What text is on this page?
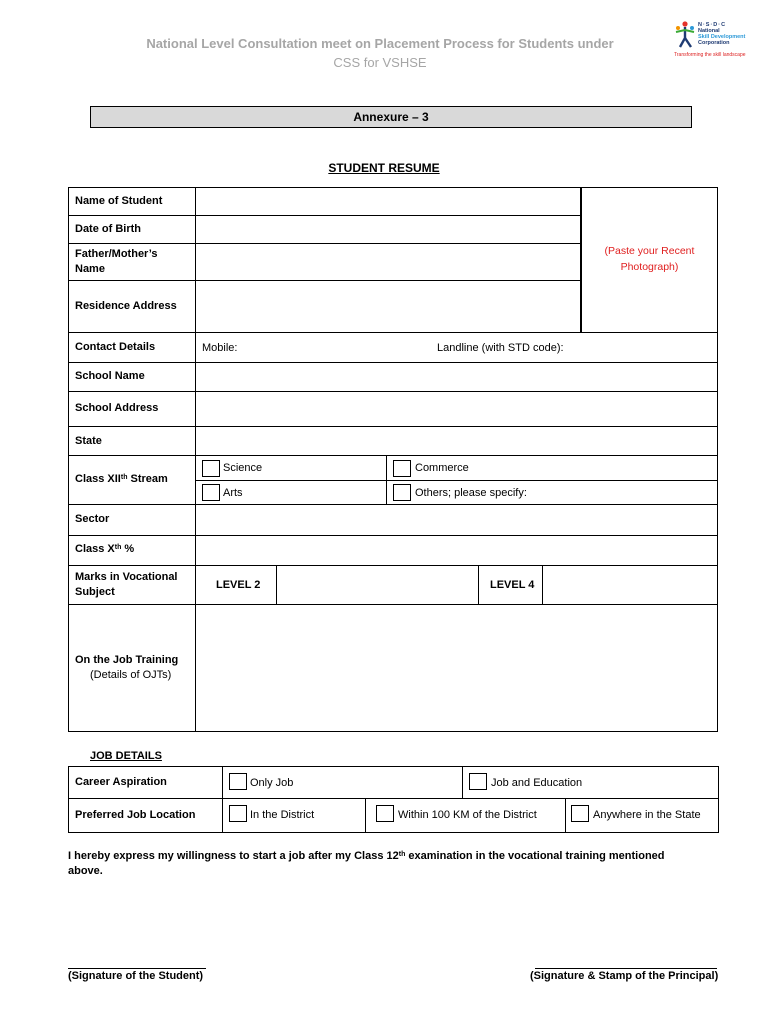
National Level Consultation meet on Placement Process for Students under
CSS for VSHSE
N·S·D·C
National
Skill Development
Corporation
Transforming the skill landscape
Annexure – 3
STUDENT RESUME
Name of Student
Date of Birth
Father/Mother’s Name
Residence Address
(Paste your Recent Photograph)
Contact Details	Mobile:	Landline (with STD code):
School Name
School Address
State
Class XIIth Stream
Science	Commerce
Arts	Others; please specify:
Sector
Class Xth %
Marks in Vocational Subject
LEVEL 2	LEVEL 4
On the Job Training
(Details of OJTs)
JOB DETAILS
Career Aspiration	Only Job	Job and Education
Preferred Job Location	In the District	Within 100 KM of the District	Anywhere in the State
I hereby express my willingness to start a job after my Class 12th examination in the vocational training mentioned above.
(Signature of the Student)	(Signature & Stamp of the Principal)
